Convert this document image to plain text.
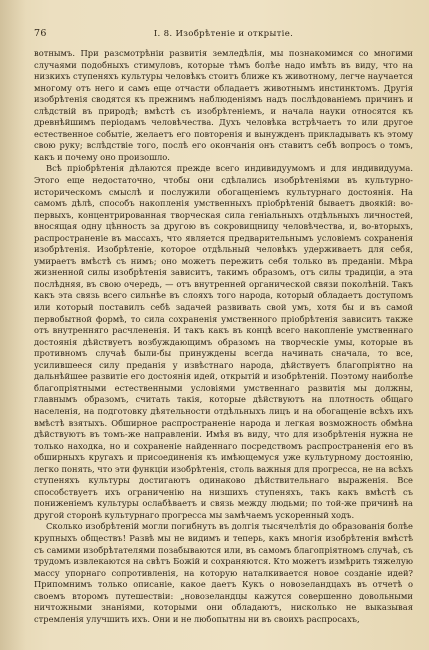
76	I. 8. Изобрѣтеніе и открытіе.

вотнымъ. При разсмотрѣніи развитія земледѣлія, мы познакомимся со многими случаями подобныхъ стимуловъ, которые тѣмъ болѣе надо имѣть въ виду, что на низкихъ ступеняхъ культуры человѣкъ стоитъ ближе къ животному, легче научается многому отъ него и самъ еще отчасти обладаетъ животнымъ инстинктомъ. Другія изобрѣтенія сводятся къ прежнимъ наблюденіямъ надъ послѣдованіемъ причинъ и слѣдствій въ природѣ; вмѣстѣ съ изобрѣтеніемъ, и начала науки относятся къ древнѣйшимъ періодамъ человѣчества. Духъ человѣка встрѣчаетъ то или другое естественное событіе, желаетъ его повторенія и вынужденъ прикладывать къ этому свою руку; вслѣдствіе того, послѣ его окончанія онъ ставитъ себѣ вопросъ о томъ, какъ и почему оно произошло.

Всѣ пріобрѣтенія дѣлаются прежде всего индивидуумомъ и для индивидуума. Этого еще недостаточно, чтобы они сдѣлались изобрѣтеніями въ культурно-историческомъ смыслѣ и послужили обогащеніемъ культурнаго достоянія. На самомъ дѣлѣ, способъ накопленія умственныхъ пріобрѣтеній бываетъ двоякій: во-первыхъ, концентрированная творческая сила геніальныхъ отдѣльныхъ личностей, вносящая одну цѣнность за другою въ сокровищницу человѣчества, и, во-вторыхъ, распространеніе въ массахъ, что является предварительнымъ условіемъ сохраненія изобрѣтенія. Изобрѣтеніе, которое отдѣльный человѣкъ удерживаетъ для себя, умираетъ вмѣстѣ съ нимъ; оно можетъ пережить себя только въ преданіи. Мѣра жизненной силы изобрѣтенія зависитъ, такимъ образомъ, отъ силы традиціи, а эта послѣдняя, въ свою очередь, — отъ внутренней органической связи поколѣній. Такъ какъ эта связь всего сильнѣе въ слояхъ того народа, который обладаетъ доступомъ или который поставилъ себѣ задачей развивать свой умъ, хотя бы и въ самой первобытной формѣ, то сила сохраненія умственного пріобрѣтенія зависитъ также отъ внутренняго расчлененія. И такъ какъ въ концѣ всего накопленіе умственнаго достоянія дѣйствуетъ возбуждающимъ образомъ на творческіе умы, которые въ противномъ случаѣ были-бы принуждены всегда начинать сначала, то все, усилившееся силу преданія у извѣстнаго народа, дѣйствуетъ благопріятно на дальнѣйшее развитіе его достоянія идей, открытій и изобрѣтеній. Поэтому наиболѣе благопріятными естественными условіями умственнаго развитія мы должны, главнымъ образомъ, считать такія, которые дѣйствуютъ на плотность общаго населенія, на подготовку дѣятельности отдѣльныхъ лицъ и на обогащеніе всѣхъ ихъ вмѣстѣ взятыхъ. Обширное распространеніе народа и легкая возможность обмѣна дѣйствуютъ въ томъ-же направленіи. Имѣя въ виду, что для изобрѣтенія нужна не только находка, но и сохраненіе найденнаго посредствомъ распространенія его въ обширныхъ кругахъ и присоединенія къ имѣющемуся уже культурному достоянію, легко понять, что эти функціи изобрѣтенія, столь важныя для прогресса, не на всѣхъ ступеняхъ культуры достигаютъ одинаково дѣйствительнаго выраженія. Все способствуетъ ихъ ограниченію на низшихъ ступеняхъ, такъ какъ вмѣстѣ съ пониженіемъ культуры ослабѣваетъ и связь между людьми; по той-же причинѣ на другой сторонѣ культурнаго прогресса мы замѣчаемъ ускоренный ходъ.

Сколько изобрѣтеній могли погибнуть въ долгія тысячелѣтія до образованія болѣе крупныхъ обществъ! Развѣ мы не видимъ и теперь, какъ многія изобрѣтенія вмѣстѣ съ самими изобрѣтателями позабываются или, въ самомъ благопріятномъ случаѣ, съ трудомъ извлекаются на свѣтъ Божій и сохраняются. Кто можетъ измѣрить тяжелую массу упорнаго сопротивленія, на которую наталкивается новое созданіе идей? Припомнимъ только описаніе, какое даетъ Кукъ о новозеландцахъ въ отчетѣ о своемъ второмъ путешествіи: „новозеландцы кажутся совершенно довольными ничтожными знаніями, которыми они обладаютъ, нисколько не выказывая стремленія улучшить ихъ. Они и не любопытны ни въ своихъ распросахъ,
